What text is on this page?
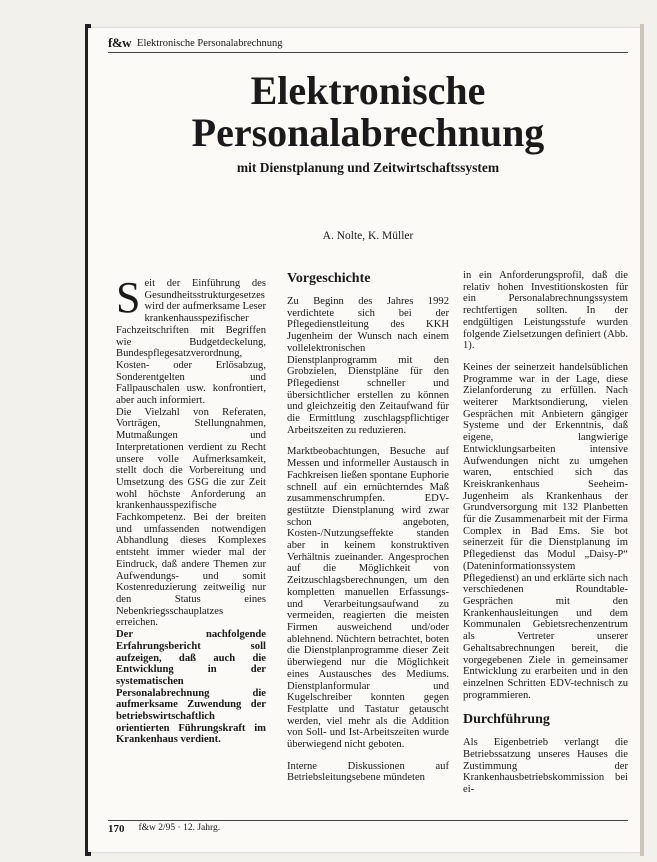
f&w Elektronische Personalabrechnung
Elektronische
Personalabrechnung
mit Dienstplanung und Zeitwirtschaftssystem
A. Nolte, K. Müller

Seit der Einführung des Gesundheitsstrukturgesetzes wird der aufmerksame Leser krankenhausspezifischer Fachzeitschriften mit Begriffen wie Budgetdeckelung, Bundespflegesatzverordnung, Kosten- oder Erlösabzug, Sonderentgelten und Fallpauschalen usw. konfrontiert, aber auch informiert.

Die Vielzahl von Referaten, Vorträgen, Stellungnahmen, Mutmaßungen und Interpretationen verdient zu Recht unsere volle Aufmerksamkeit, stellt doch die Vorbereitung und Umsetzung des GSG die zur Zeit wohl höchste Anforderung an krankenhausspezifische Fachkompetenz. Bei der breiten und umfassenden notwendigen Abhandlung dieses Komplexes entsteht immer wieder mal der Eindruck, daß andere Themen zur Aufwendungs- und somit Kostenreduzierung zeitweilig nur den Status eines Nebenkriegsschauplatzes erreichen.

Der nachfolgende Erfahrungsbericht soll aufzeigen, daß auch die Entwicklung in der systematischen Personalabrechnung die aufmerksame Zuwendung der betriebswirtschaftlich orientierten Führungskraft im Krankenhaus verdient.

Vorgeschichte

Zu Beginn des Jahres 1992 verdichtete sich bei der Pflegedienstleitung des KKH Jugenheim der Wunsch nach einem vollelektronischen Dienstplanprogramm mit den Grobzielen, Dienstpläne für den Pflegedienst schneller und übersichtlicher erstellen zu können und gleichzeitig den Zeitaufwand für die Ermittlung zuschlagspflichtiger Arbeitszeiten zu reduzieren.

Marktbeobachtungen, Besuche auf Messen und informeller Austausch in Fachkreisen ließen spontane Euphorie schnell auf ein ernüchterndes Maß zusammenschrumpfen. EDV-gestützte Dienstplanung wird zwar schon angeboten, Kosten-/Nutzungseffekte standen aber in keinem konstruktiven Verhältnis zueinander. Angesprochen auf die Möglichkeit von Zeitzuschlagsberechnungen, um den kompletten manuellen Erfassungs- und Verarbeitungsaufwand zu vermeiden, reagierten die meisten Firmen ausweichend und/oder ablehnend. Nüchtern betrachtet, boten die Dienstplanprogramme dieser Zeit überwiegend nur die Möglichkeit eines Austausches des Mediums. Dienstplanformular und Kugelschreiber konnten gegen Festplatte und Tastatur getauscht werden, viel mehr als die Addition von Soll- und Ist-Arbeitszeiten wurde überwiegend nicht geboten.

Interne Diskussionen auf Betriebsleitungsebene mündeten

in ein Anforderungsprofil, daß die relativ hohen Investitionskosten für ein Personalabrechnungssystem rechtfertigen sollten. In der endgültigen Leistungsstufe wurden folgende Zielsetzungen definiert (Abb. 1).

Keines der seinerzeit handelsüblichen Programme war in der Lage, diese Zielanforderung zu erfüllen. Nach weiterer Marktsondierung, vielen Gesprächen mit Anbietern gängiger Systeme und der Erkenntnis, daß eigene, langwierige Entwicklungsarbeiten intensive Aufwendungen nicht zu umgehen waren, entschied sich das Kreiskrankenhaus Seeheim-Jugenheim als Krankenhaus der Grundversorgung mit 132 Planbetten für die Zusammenarbeit mit der Firma Complex in Bad Ems. Sie bot seinerzeit für die Dienstplanung im Pflegedienst das Modul „Daisy-P“ (Dateninformationssystem Pflegedienst) an und erklärte sich nach verschiedenen Roundtable-Gesprächen mit den Krankenhausleitungen und dem Kommunalen Gebietsrechenzentrum als Vertreter unserer Gehaltsabrechnungen bereit, die vorgegebenen Ziele in gemeinsamer Entwicklung zu erarbeiten und in den einzelnen Schritten EDV-technisch zu programmieren.

Durchführung

Als Eigenbetrieb verlangt die Betriebssatzung unseres Hauses die Zustimmung der Krankenhausbetriebskommission bei ei-

170 f&w 2/95 · 12. Jahrg.
